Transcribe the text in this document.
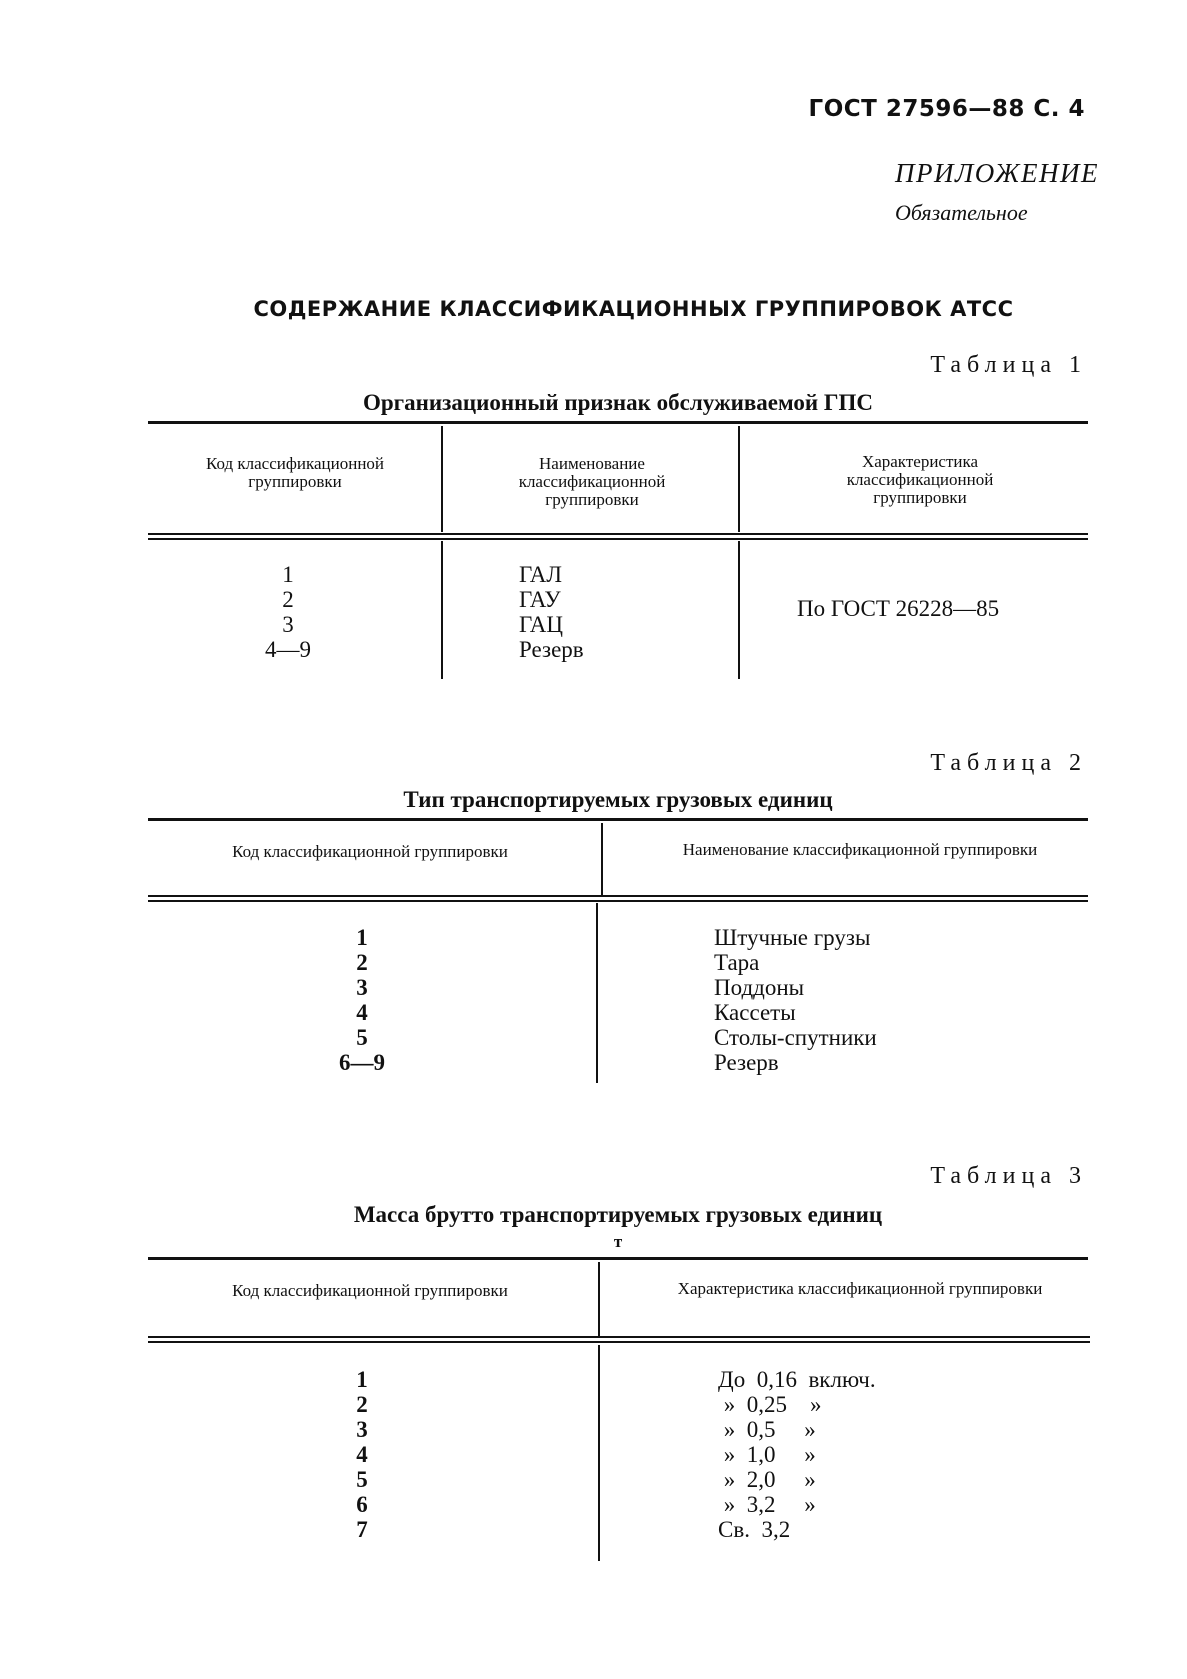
ГОСТ 27596—88 С. 4
ПРИЛОЖЕНИЕ
Обязательное
СОДЕРЖАНИЕ КЛАССИФИКАЦИОННЫХ ГРУППИРОВОК АТСС
Таблица 1
Организационный признак обслуживаемой ГПС
Код классификационной группировки
Наименование классификационной группировки
Характеристика классификационной группировки
1
2
3
4—9
ГАЛ
ГАУ
ГАЦ
Резерв
По ГОСТ 26228—85
Таблица 2
Тип транспортируемых грузовых единиц
Код классификационной группировки	Наименование классификационной группировки
1
2
3
4
5
6—9
Штучные грузы
Тара
Поддоны
Кассеты
Столы-спутники
Резерв
Таблица 3
Масса брутто транспортируемых грузовых единиц
т
Код классификационной группировки	Характеристика классификационной группировки
1
2
3
4
5
6
7
До  0,16  включ.
»  0,25    »
»  0,5     »
»  1,0     »
»  2,0     »
»  3,2     »
Св.  3,2
